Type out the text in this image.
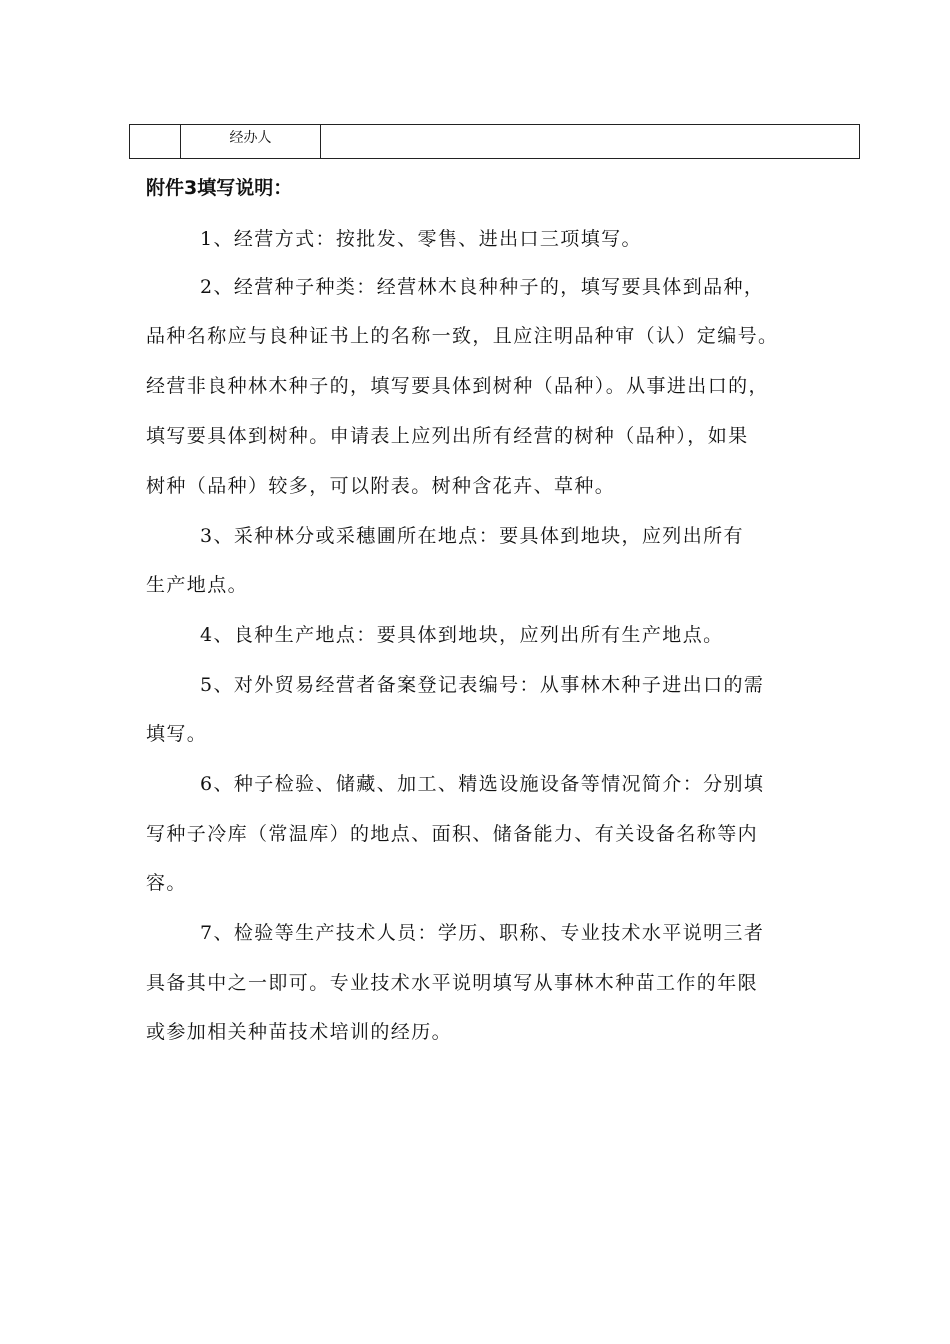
	经办人	
附件3填写说明：
1、经营方式：按批发、零售、进出口三项填写。
2、经营种子种类：经营林木良种种子的，填写要具体到品种，
品种名称应与良种证书上的名称一致，且应注明品种审（认）定编号。
经营非良种林木种子的，填写要具体到树种（品种）。从事进出口的，
填写要具体到树种。申请表上应列出所有经营的树种（品种），如果
树种（品种）较多，可以附表。树种含花卉、草种。
3、采种林分或采穗圃所在地点：要具体到地块，应列出所有
生产地点。
4、良种生产地点：要具体到地块，应列出所有生产地点。
5、对外贸易经营者备案登记表编号：从事林木种子进出口的需
填写。
6、种子检验、储藏、加工、精选设施设备等情况简介：分别填
写种子冷库（常温库）的地点、面积、储备能力、有关设备名称等内
容。
7、检验等生产技术人员：学历、职称、专业技术水平说明三者
具备其中之一即可。专业技术水平说明填写从事林木种苗工作的年限
或参加相关种苗技术培训的经历。
